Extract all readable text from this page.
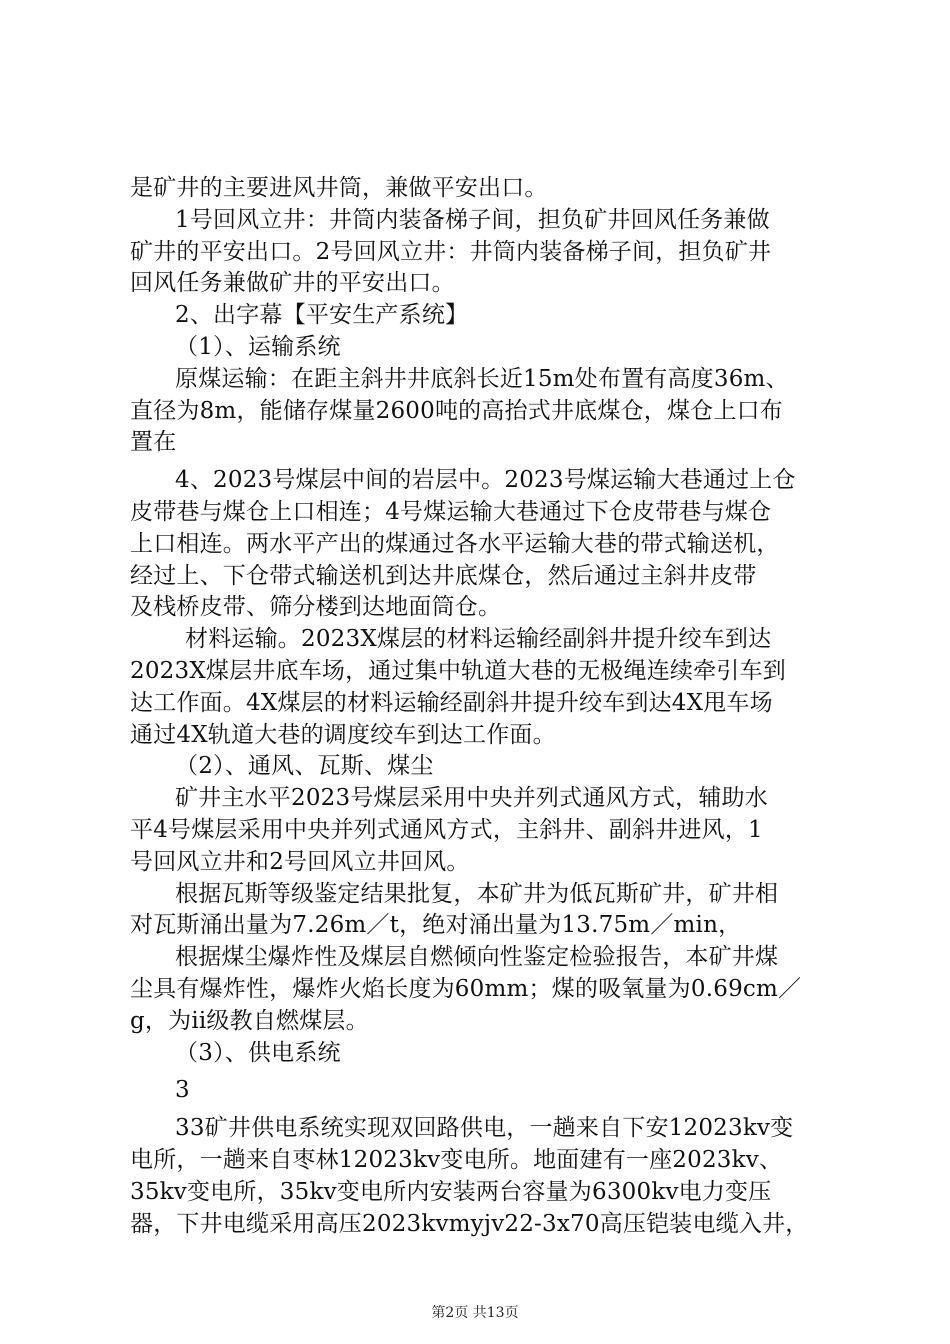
是矿井的主要进风井筒，兼做平安出口。
1号回风立井：井筒内装备梯子间，担负矿井回风任务兼做
矿井的平安出口。2号回风立井：井筒内装备梯子间，担负矿井
回风任务兼做矿井的平安出口。
2、出字幕【平安生产系统】
（1）、运输系统
原煤运输：在距主斜井井底斜长近15m处布置有高度36m、
直径为8m，能储存煤量2600吨的高抬式井底煤仓，煤仓上口布
置在
4、2023号煤层中间的岩层中。2023号煤运输大巷通过上仓
皮带巷与煤仓上口相连；4号煤运输大巷通过下仓皮带巷与煤仓
上口相连。两水平产出的煤通过各水平运输大巷的带式输送机，
经过上、下仓带式输送机到达井底煤仓，然后通过主斜井皮带
及栈桥皮带、筛分楼到达地面筒仓。
材料运输。2023X煤层的材料运输经副斜井提升绞车到达
2023X煤层井底车场，通过集中轨道大巷的无极绳连续牵引车到
达工作面。4X煤层的材料运输经副斜井提升绞车到达4X甩车场
通过4X轨道大巷的调度绞车到达工作面。
（2）、通风、瓦斯、煤尘
矿井主水平2023号煤层采用中央并列式通风方式，辅助水
平4号煤层采用中央并列式通风方式，主斜井、副斜井进风，1
号回风立井和2号回风立井回风。
根据瓦斯等级鉴定结果批复，本矿井为低瓦斯矿井，矿井相
对瓦斯涌出量为7.26m／t，绝对涌出量为13.75m／min，
根据煤尘爆炸性及煤层自燃倾向性鉴定检验报告，本矿井煤
尘具有爆炸性，爆炸火焰长度为60mm；煤的吸氧量为0.69cm／
g，为ii级教自燃煤层。
（3）、供电系统
3
33矿井供电系统实现双回路供电，一趟来自下安12023kv变
电所，一趟来自枣林12023kv变电所。地面建有一座2023kv、
35kv变电所，35kv变电所内安装两台容量为6300kv电力变压
器，下井电缆采用高压2023kvmyjv22-3x70高压铠装电缆入井，
第2页 共13页
